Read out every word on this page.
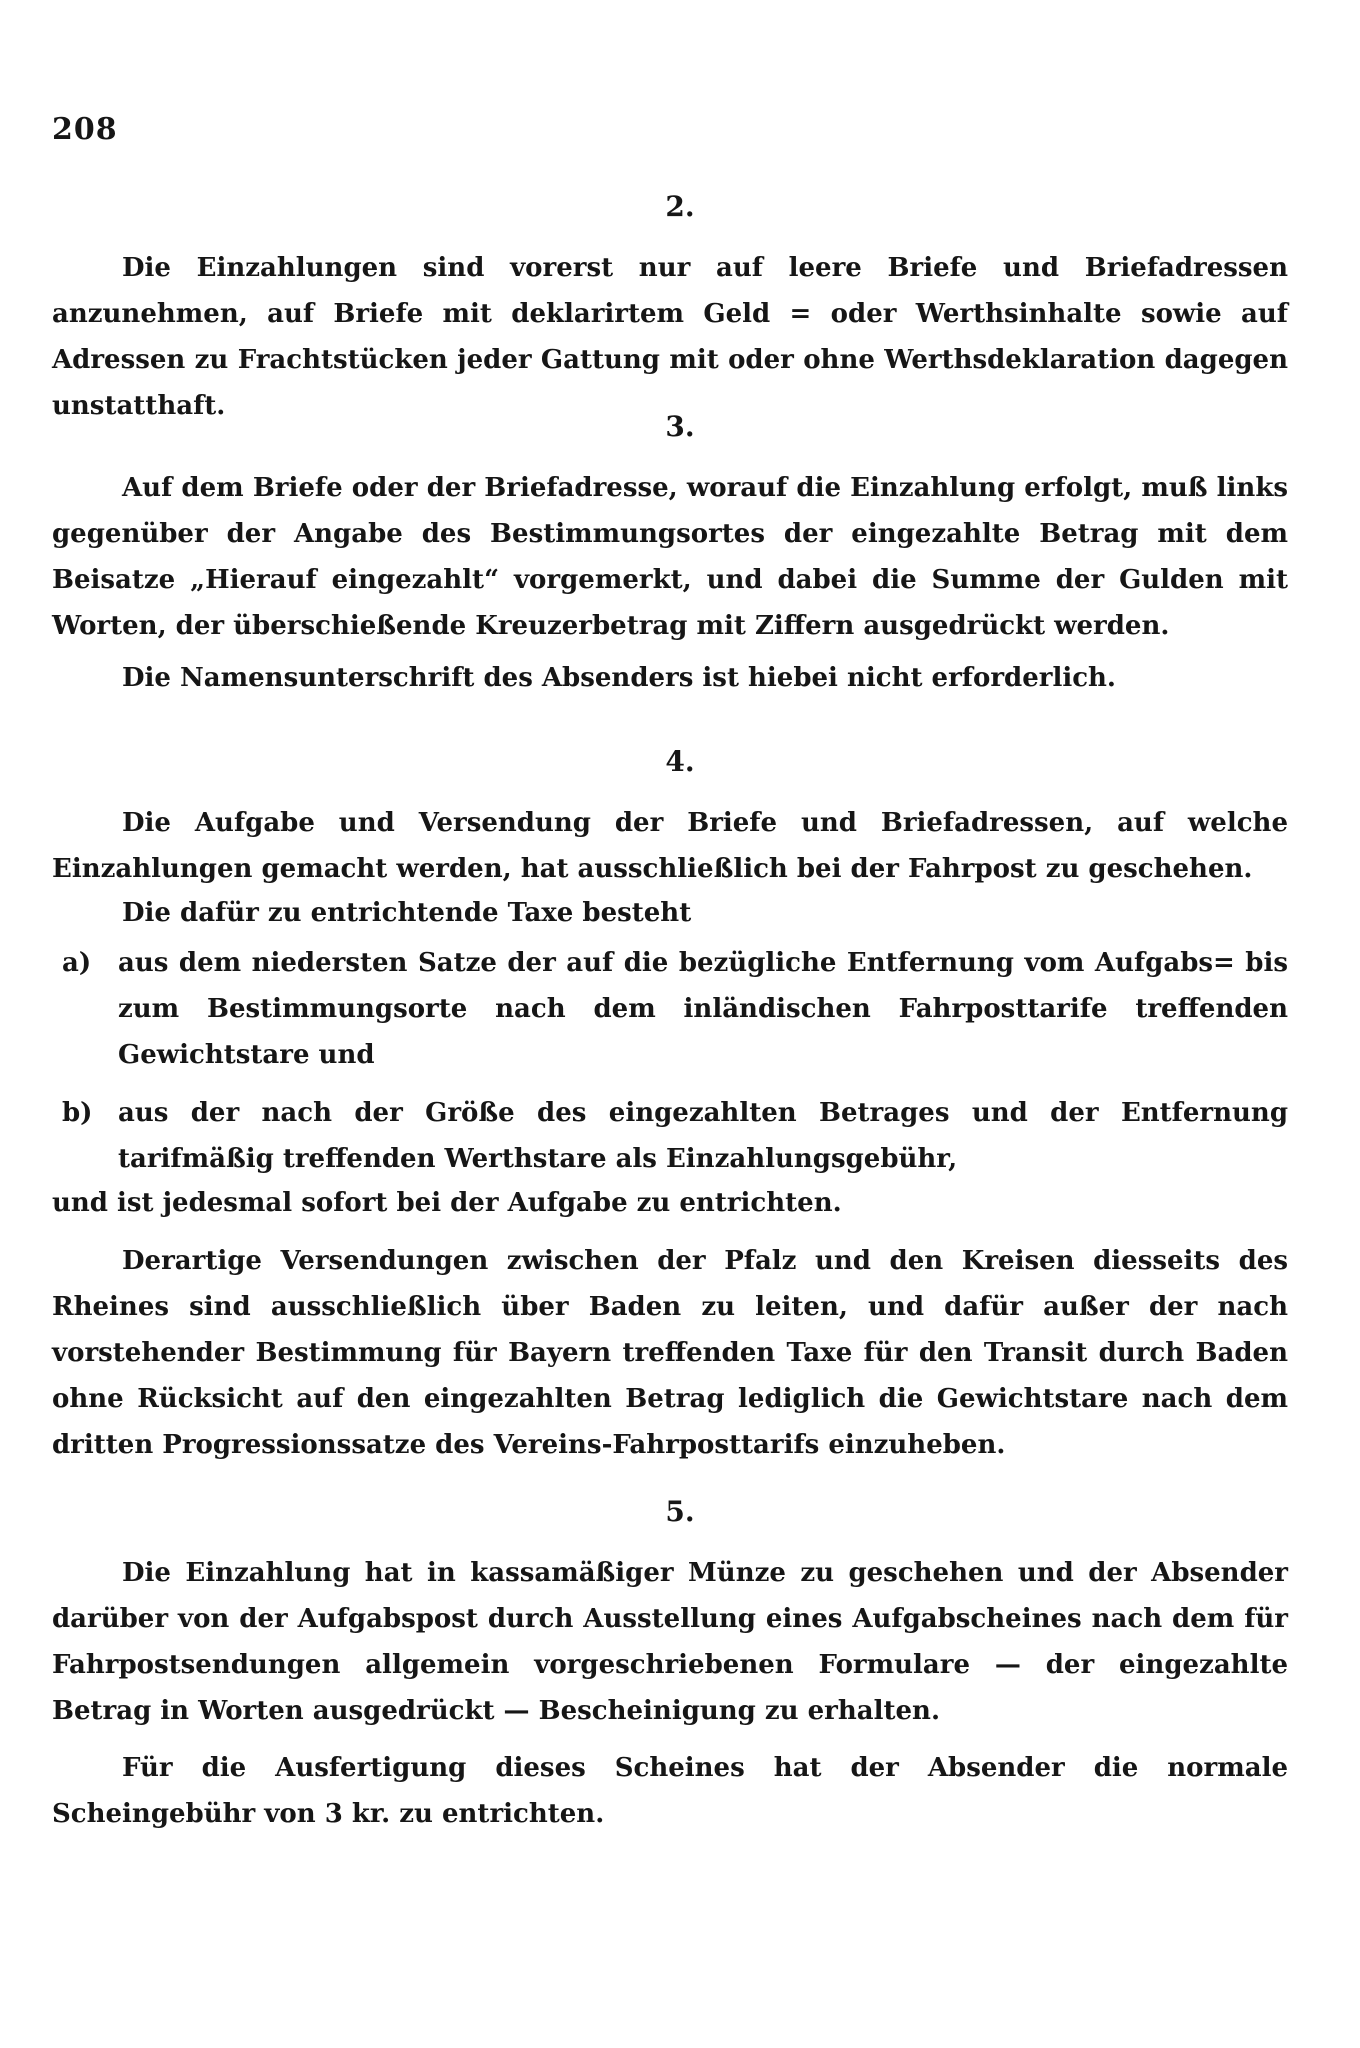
208
2.
Die Einzahlungen sind vorerst nur auf leere Briefe und Briefadressen anzunehmen, auf Briefe mit deklarirtem Geld = oder Werthsinhalte sowie auf Adressen zu Frachtstücken jeder Gattung mit oder ohne Werthsdeklaration dagegen unstatthaft.
3.
Auf dem Briefe oder der Briefadresse, worauf die Einzahlung erfolgt, muß links gegenüber der Angabe des Bestimmungsortes der eingezahlte Betrag mit dem Beisatze „Hierauf eingezahlt“ vorgemerkt, und dabei die Summe der Gulden mit Worten, der überschießende Kreuzerbetrag mit Ziffern ausgedrückt werden.
Die Namensunterschrift des Absenders ist hiebei nicht erforderlich.
4.
Die Aufgabe und Versendung der Briefe und Briefadressen, auf welche Einzahlungen gemacht werden, hat ausschließlich bei der Fahrpost zu geschehen.
Die dafür zu entrichtende Taxe besteht
a)	aus dem niedersten Satze der auf die bezügliche Entfernung vom Aufgabs= bis zum Bestimmungsorte nach dem inländischen Fahrposttarife treffenden Gewichtstare und
b) aus der nach der Größe des eingezahlten Betrages und der Entfernung tarifmäßig treffenden Werthstare als Einzahlungsgebühr,
und ist jedesmal sofort bei der Aufgabe zu entrichten.
Derartige Versendungen zwischen der Pfalz und den Kreisen diesseits des Rheines sind ausschließlich über Baden zu leiten, und dafür außer der nach vorstehender Bestimmung für Bayern treffenden Taxe für den Transit durch Baden ohne Rücksicht auf den eingezahlten Betrag lediglich die Gewichtstare nach dem dritten Progressionssatze des Vereins-Fahrposttarifs einzuheben.
5.
Die Einzahlung hat in kassamäßiger Münze zu geschehen und der Absender darüber von der Aufgabspost durch Ausstellung eines Aufgabscheines nach dem für Fahrpostsendungen allgemein vorgeschriebenen Formulare — der eingezahlte Betrag in Worten ausgedrückt — Bescheinigung zu erhalten.
Für die Ausfertigung dieses Scheines hat der Absender die normale Scheingebühr von 3 kr. zu entrichten.
